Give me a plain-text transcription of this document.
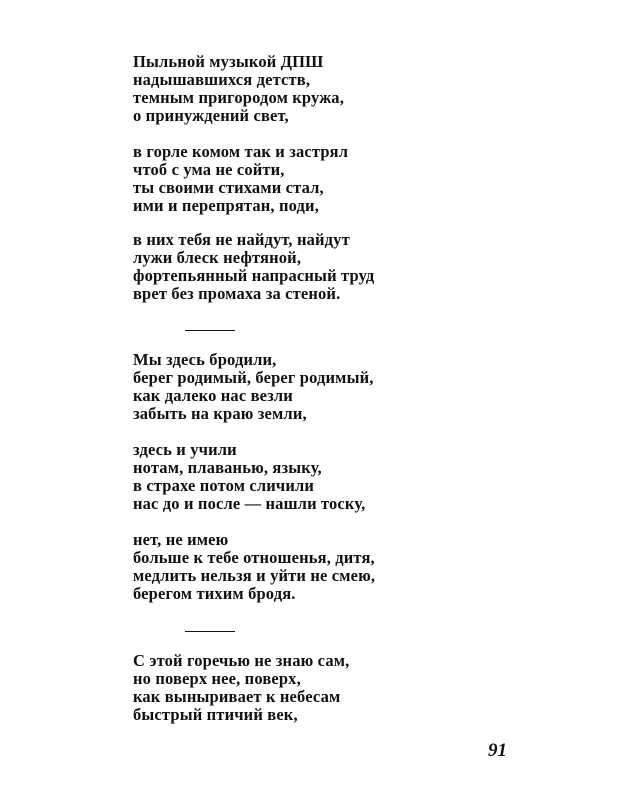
Пыльной музыкой ДПШ
надышавшихся детств,
темным пригородом кружа,
о принуждений свет,
в горле комом так и застрял
чтоб с ума не сойти,
ты своими стихами стал,
ими и перепрятан, поди,
в них тебя не найдут, найдут
лужи блеск нефтяной,
фортепьянный напрасный труд
врет без промаха за стеной.
Мы здесь бродили,
берег родимый, берег родимый,
как далеко нас везли
забыть на краю земли,
здесь и учили
нотам, плаванью, языку,
в страхе потом сличили
нас до и после — нашли тоску,
нет, не имею
больше к тебе отношенья, дитя,
медлить нельзя и уйти не смею,
берегом тихим бродя.
С этой горечью не знаю сам,
но поверх нее, поверх,
как выныривает к небесам
быстрый птичий век,
91
